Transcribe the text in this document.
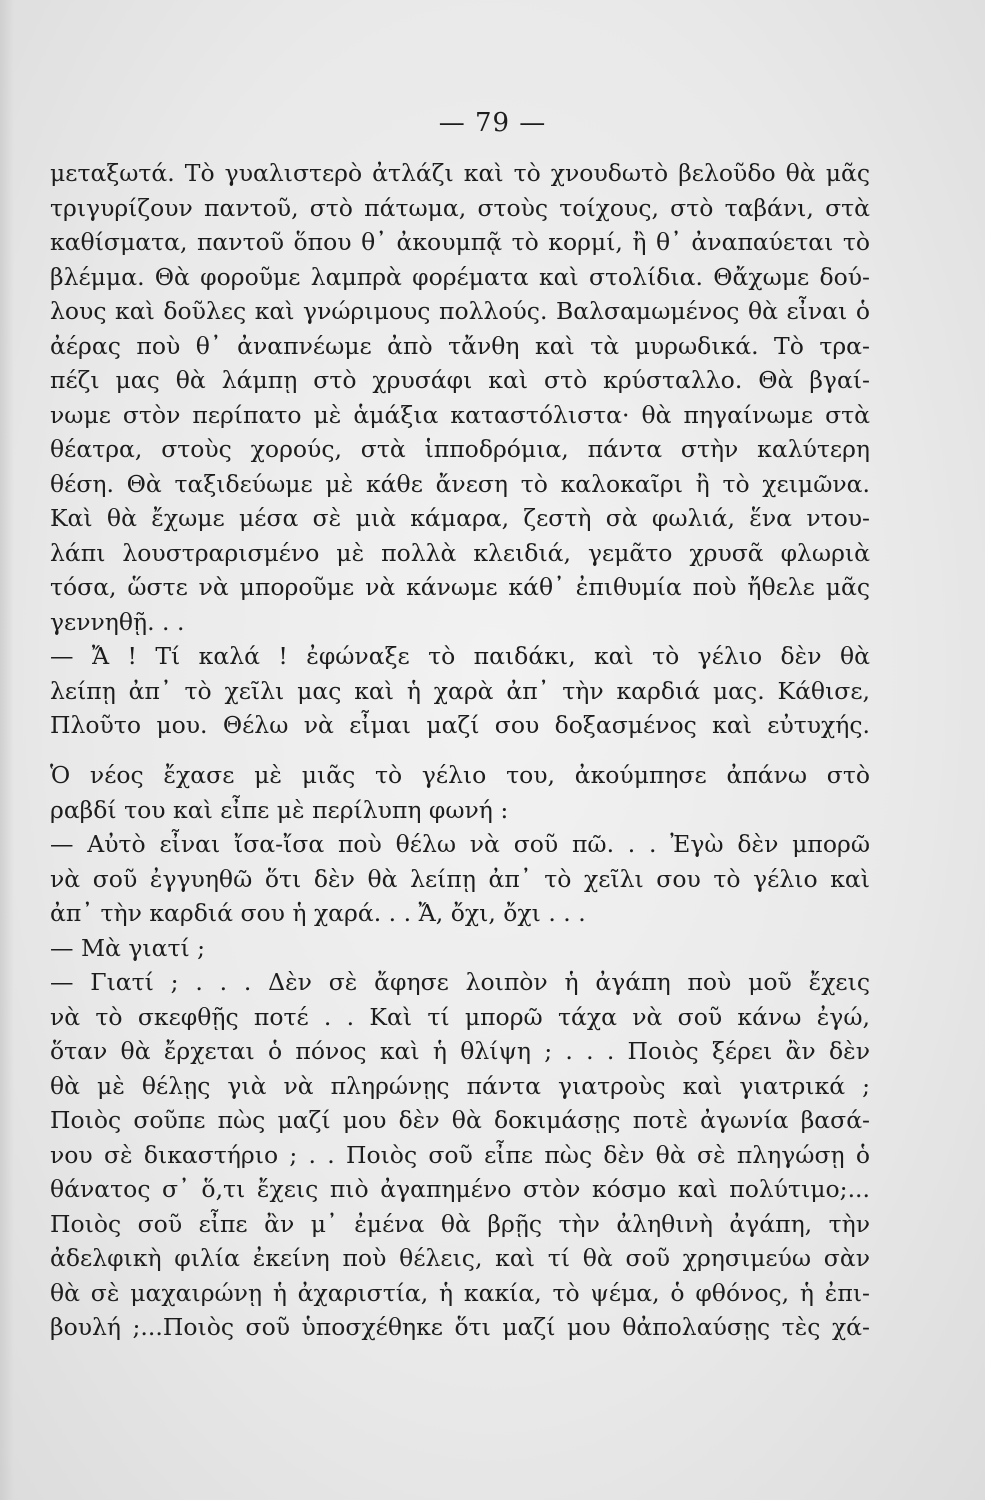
— 79 —
μεταξωτά. Τὸ γυαλιστερὸ ἀτλάζι καὶ τὸ χνουδωτὸ βελοῦδο θὰ μᾶς
τριγυρίζουν παντοῦ, στὸ πάτωμα, στοὺς τοίχους, στὸ ταβάνι, στὰ
καθίσματα, παντοῦ ὅπου θ᾽ ἀκουμπᾷ τὸ κορμί, ἢ θ᾽ ἀναπαύεται τὸ
βλέμμα. Θὰ φοροῦμε λαμπρὰ φορέματα καὶ στολίδια. Θἄχωμε δού-
λους καὶ δοῦλες καὶ γνώριμους πολλούς. Βαλσαμωμένος θὰ εἶναι ὁ
ἀέρας ποὺ θ᾽ ἀναπνέωμε ἀπὸ τἄνθη καὶ τὰ μυρωδικά. Τὸ τρα-
πέζι μας θὰ λάμπῃ στὸ χρυσάφι καὶ στὸ κρύσταλλο. Θὰ βγαί-
νωμε στὸν περίπατο μὲ ἁμάξια καταστόλιστα· θὰ πηγαίνωμε στὰ
θέατρα, στοὺς χορούς, στὰ ἱπποδρόμια, πάντα στὴν καλύτερη
θέση. Θὰ ταξιδεύωμε μὲ κάθε ἄνεση τὸ καλοκαῖρι ἢ τὸ χειμῶνα.
Καὶ θὰ ἔχωμε μέσα σὲ μιὰ κάμαρα, ζεστὴ σὰ φωλιά, ἕνα ντου-
λάπι λουστραρισμένο μὲ πολλὰ κλειδιά, γεμᾶτο χρυσᾶ φλωριὰ
τόσα, ὥστε νὰ μποροῦμε νὰ κάνωμε κάθ᾽ ἐπιθυμία ποὺ ἤθελε μᾶς
γεννηθῇ. . .
— Ἄ ! Τί καλά ! ἐφώναξε τὸ παιδάκι, καὶ τὸ γέλιο δὲν θὰ
λείπῃ ἀπ᾽ τὸ χεῖλι μας καὶ ἡ χαρὰ ἀπ᾽ τὴν καρδιά μας. Κάθισε,
Πλοῦτο μου. Θέλω νὰ εἶμαι μαζί σου δοξασμένος καὶ εὐτυχής.
Ὁ νέος ἔχασε μὲ μιᾶς τὸ γέλιο του, ἀκούμπησε ἀπάνω στὸ
ραβδί του καὶ εἶπε μὲ περίλυπη φωνή :
— Αὐτὸ εἶναι ἴσα-ἴσα ποὺ θέλω νὰ σοῦ πῶ. . . Ἐγὼ δὲν μπορῶ
νὰ σοῦ ἐγγυηθῶ ὅτι δὲν θὰ λείπῃ ἀπ᾽ τὸ χεῖλι σου τὸ γέλιο καὶ
ἀπ᾽ τὴν καρδιά σου ἡ χαρά. . . Ἄ, ὄχι, ὄχι . . .
— Μὰ γιατί ;
— Γιατί ; . . . Δὲν σὲ ἄφησε λοιπὸν ἡ ἀγάπη ποὺ μοῦ ἔχεις
νὰ τὸ σκεφθῇς ποτέ . . Καὶ τί μπορῶ τάχα νὰ σοῦ κάνω ἐγώ,
ὅταν θὰ ἔρχεται ὁ πόνος καὶ ἡ θλίψη ; . . . Ποιὸς ξέρει ἂν δὲν
θὰ μὲ θέλῃς γιὰ νὰ πληρώνῃς πάντα γιατροὺς καὶ γιατρικά ;
Ποιὸς σοῦπε πὼς μαζί μου δὲν θὰ δοκιμάσῃς ποτὲ ἀγωνία βασά-
νου σὲ δικαστήριο ; . . Ποιὸς σοῦ εἶπε πὼς δὲν θὰ σὲ πληγώσῃ ὁ
θάνατος σ᾽ ὅ,τι ἔχεις πιὸ ἀγαπημένο στὸν κόσμο καὶ πολύτιμο;...
Ποιὸς σοῦ εἶπε ἂν μ᾽ ἐμένα θὰ βρῇς τὴν ἀληθινὴ ἀγάπη, τὴν
ἀδελφικὴ φιλία ἐκείνη ποὺ θέλεις, καὶ τί θὰ σοῦ χρησιμεύω σὰν
θὰ σὲ μαχαιρώνῃ ἡ ἀχαριστία, ἡ κακία, τὸ ψέμα, ὁ φθόνος, ἡ ἐπι-
βουλή ;...Ποιὸς σοῦ ὑποσχέθηκε ὅτι μαζί μου θἀπολαύσῃς τὲς χά-
